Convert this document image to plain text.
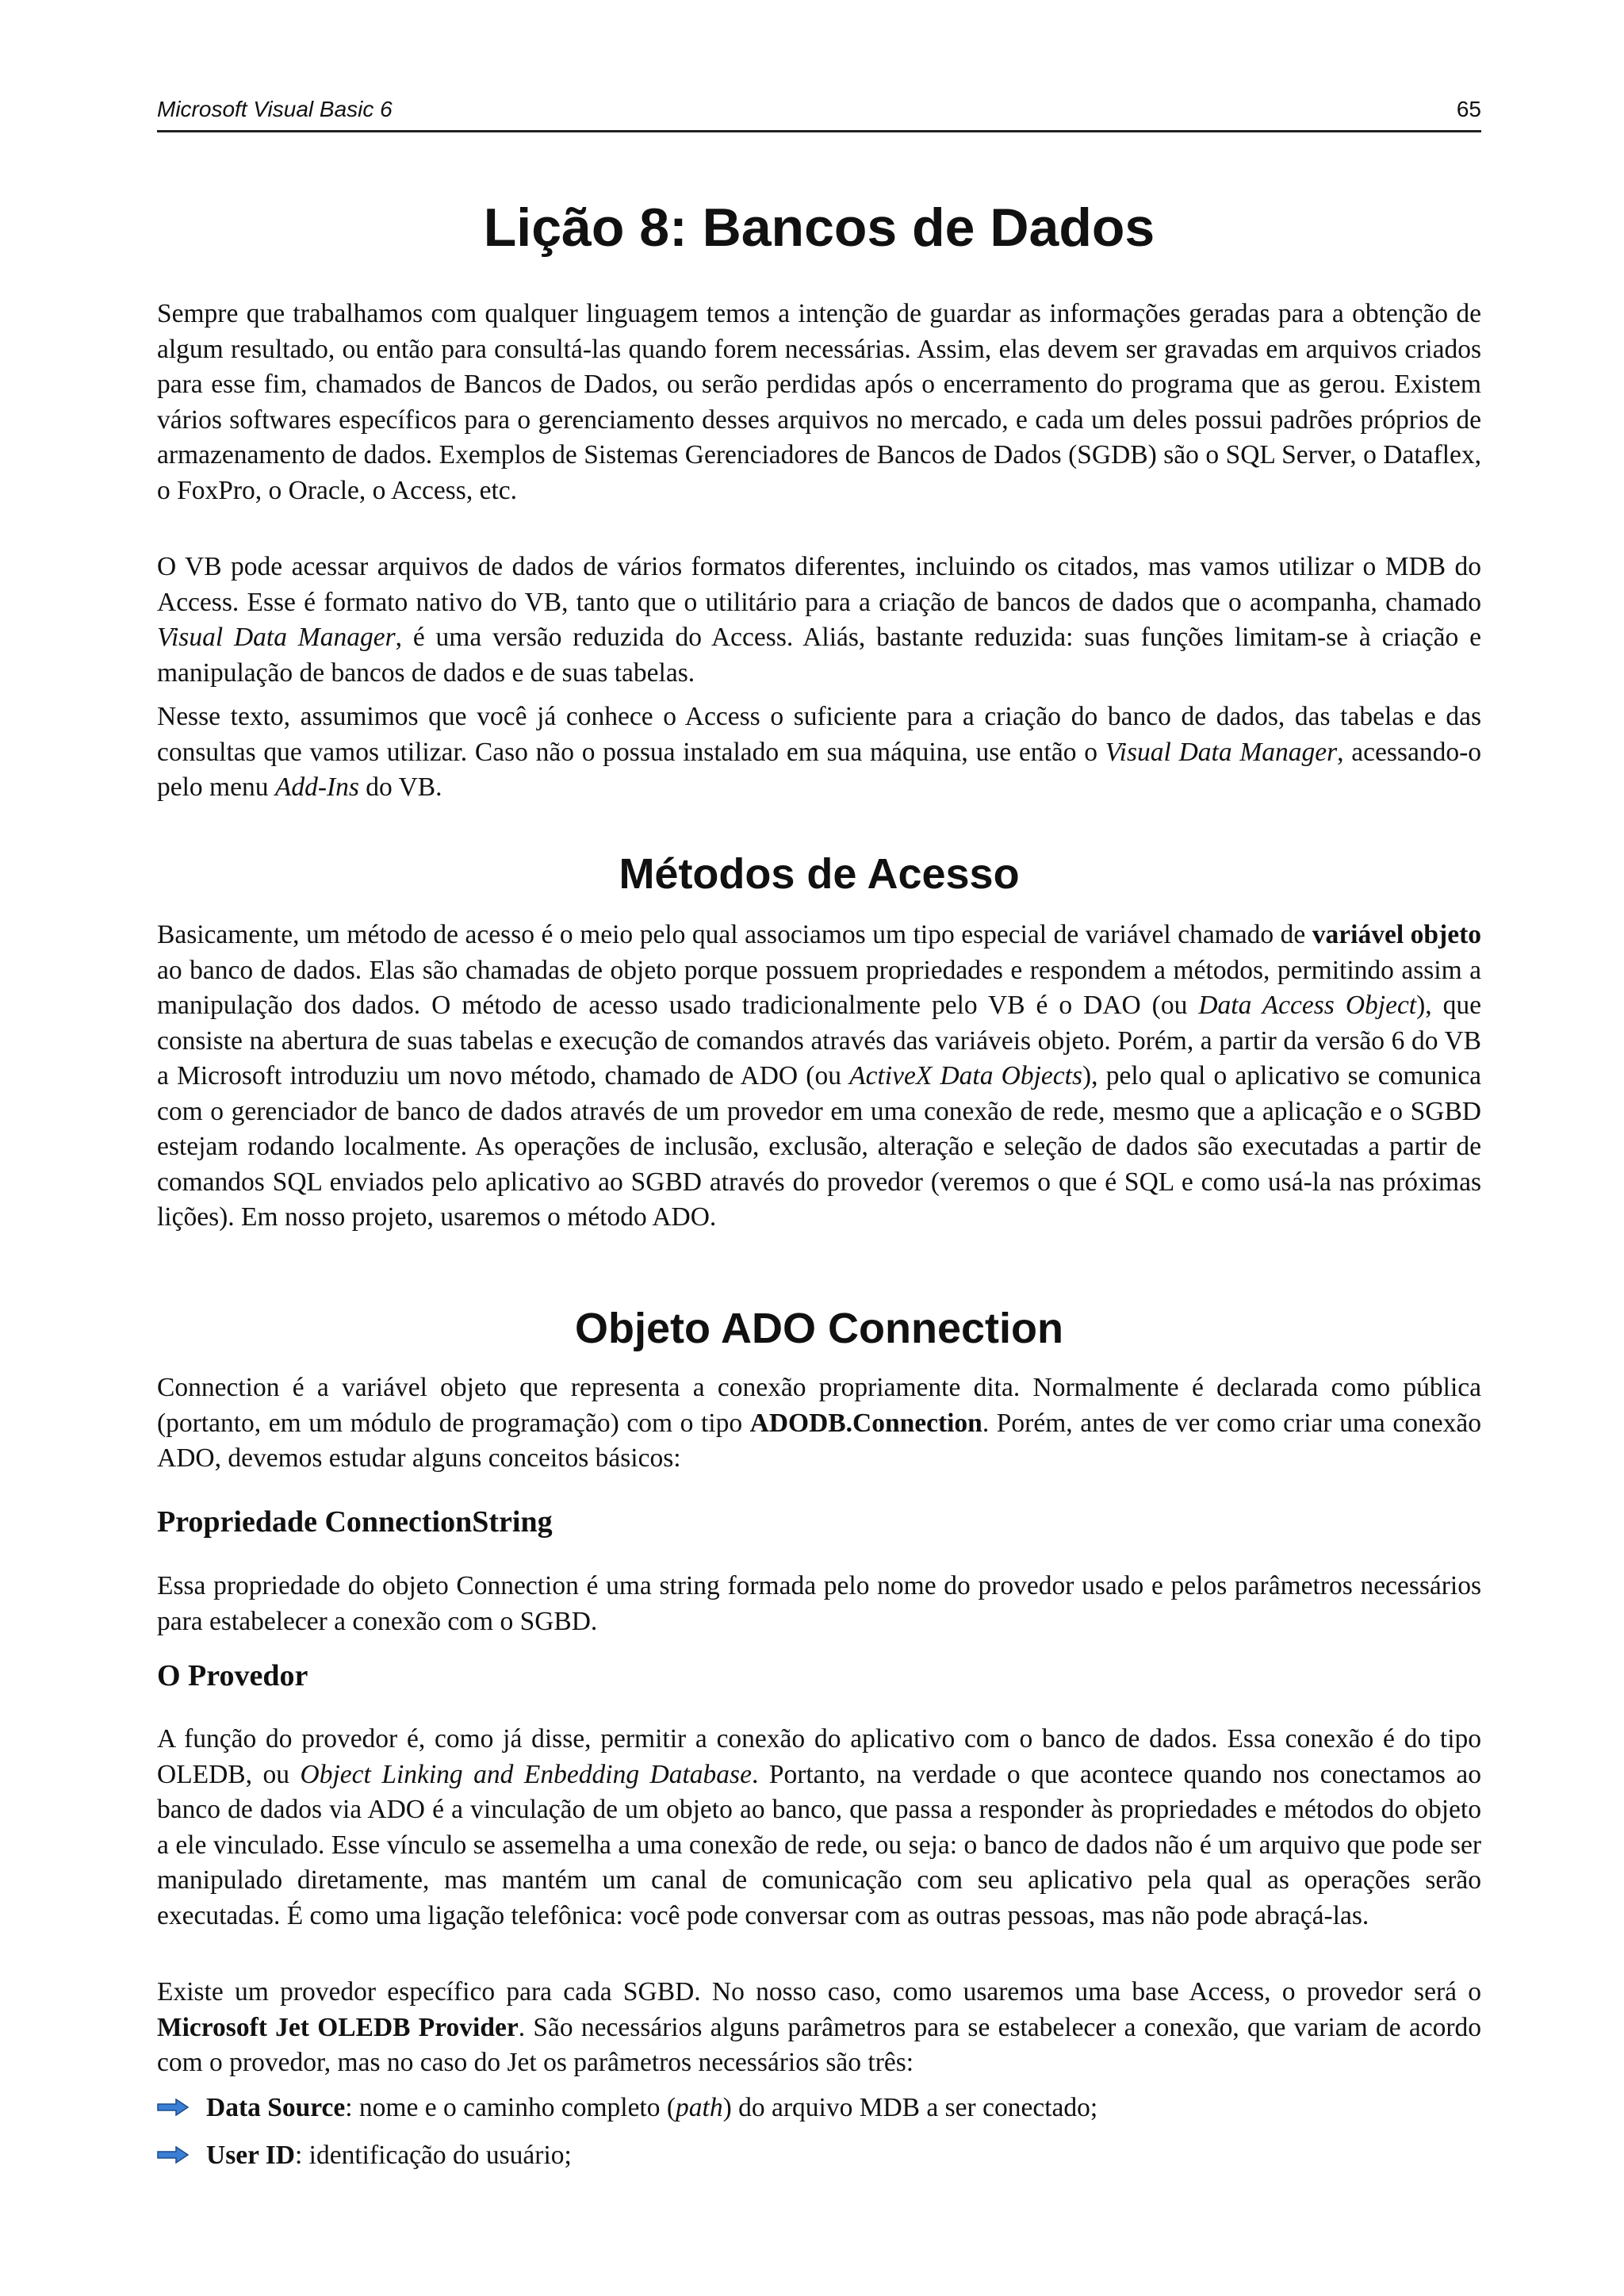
Microsoft Visual Basic 6	65
Lição 8: Bancos de Dados

Sempre que trabalhamos com qualquer linguagem temos a intenção de guardar as informações geradas para a obtenção de algum resultado, ou então para consultá-las quando forem necessárias. Assim, elas devem ser gravadas em arquivos criados para esse fim, chamados de Bancos de Dados, ou serão perdidas após o encerramento do programa que as gerou. Existem vários softwares específicos para o gerenciamento desses arquivos no mercado, e cada um deles possui padrões próprios de armazenamento de dados. Exemplos de Sistemas Gerenciadores de Bancos de Dados (SGDB) são o SQL Server, o Dataflex, o FoxPro, o Oracle, o Access, etc.

O VB pode acessar arquivos de dados de vários formatos diferentes, incluindo os citados, mas vamos utilizar o MDB do Access. Esse é formato nativo do VB, tanto que o utilitário para a criação de bancos de dados que o acompanha, chamado Visual Data Manager, é uma versão reduzida do Access. Aliás, bastante reduzida: suas funções limitam-se à criação e manipulação de bancos de dados e de suas tabelas.

Nesse texto, assumimos que você já conhece o Access o suficiente para a criação do banco de dados, das tabelas e das consultas que vamos utilizar. Caso não o possua instalado em sua máquina, use então o Visual Data Manager, acessando-o pelo menu Add-Ins do VB.

Métodos de Acesso

Basicamente, um método de acesso é o meio pelo qual associamos um tipo especial de variável chamado de variável objeto ao banco de dados. Elas são chamadas de objeto porque possuem propriedades e respondem a métodos, permitindo assim a manipulação dos dados. O método de acesso usado tradicionalmente pelo VB é o DAO (ou Data Access Object), que consiste na abertura de suas tabelas e execução de comandos através das variáveis objeto. Porém, a partir da versão 6 do VB a Microsoft introduziu um novo método, chamado de ADO (ou ActiveX Data Objects), pelo qual o aplicativo se comunica com o gerenciador de banco de dados através de um provedor em uma conexão de rede, mesmo que a aplicação e o SGBD estejam rodando localmente. As operações de inclusão, exclusão, alteração e seleção de dados são executadas a partir de comandos SQL enviados pelo aplicativo ao SGBD através do provedor (veremos o que é SQL e como usá-la nas próximas lições). Em nosso projeto, usaremos o método ADO.

Objeto ADO Connection

Connection é a variável objeto que representa a conexão propriamente dita. Normalmente é declarada como pública (portanto, em um módulo de programação) com o tipo ADODB.Connection. Porém, antes de ver como criar uma conexão ADO, devemos estudar alguns conceitos básicos:

Propriedade ConnectionString

Essa propriedade do objeto Connection é uma string formada pelo nome do provedor usado e pelos parâmetros necessários para estabelecer a conexão com o SGBD.

O Provedor

A função do provedor é, como já disse, permitir a conexão do aplicativo com o banco de dados. Essa conexão é do tipo OLEDB, ou Object Linking and Enbedding Database. Portanto, na verdade o que acontece quando nos conectamos ao banco de dados via ADO é a vinculação de um objeto ao banco, que passa a responder às propriedades e métodos do objeto a ele vinculado. Esse vínculo se assemelha a uma conexão de rede, ou seja: o banco de dados não é um arquivo que pode ser manipulado diretamente, mas mantém um canal de comunicação com seu aplicativo pela qual as operações serão executadas. É como uma ligação telefônica: você pode conversar com as outras pessoas, mas não pode abraçá-las.

Existe um provedor específico para cada SGBD. No nosso caso, como usaremos uma base Access, o provedor será o Microsoft Jet OLEDB Provider. São necessários alguns parâmetros para se estabelecer a conexão, que variam de acordo com o provedor, mas no caso do Jet os parâmetros necessários são três:

Data Source: nome e o caminho completo (path) do arquivo MDB a ser conectado;
User ID: identificação do usuário;
